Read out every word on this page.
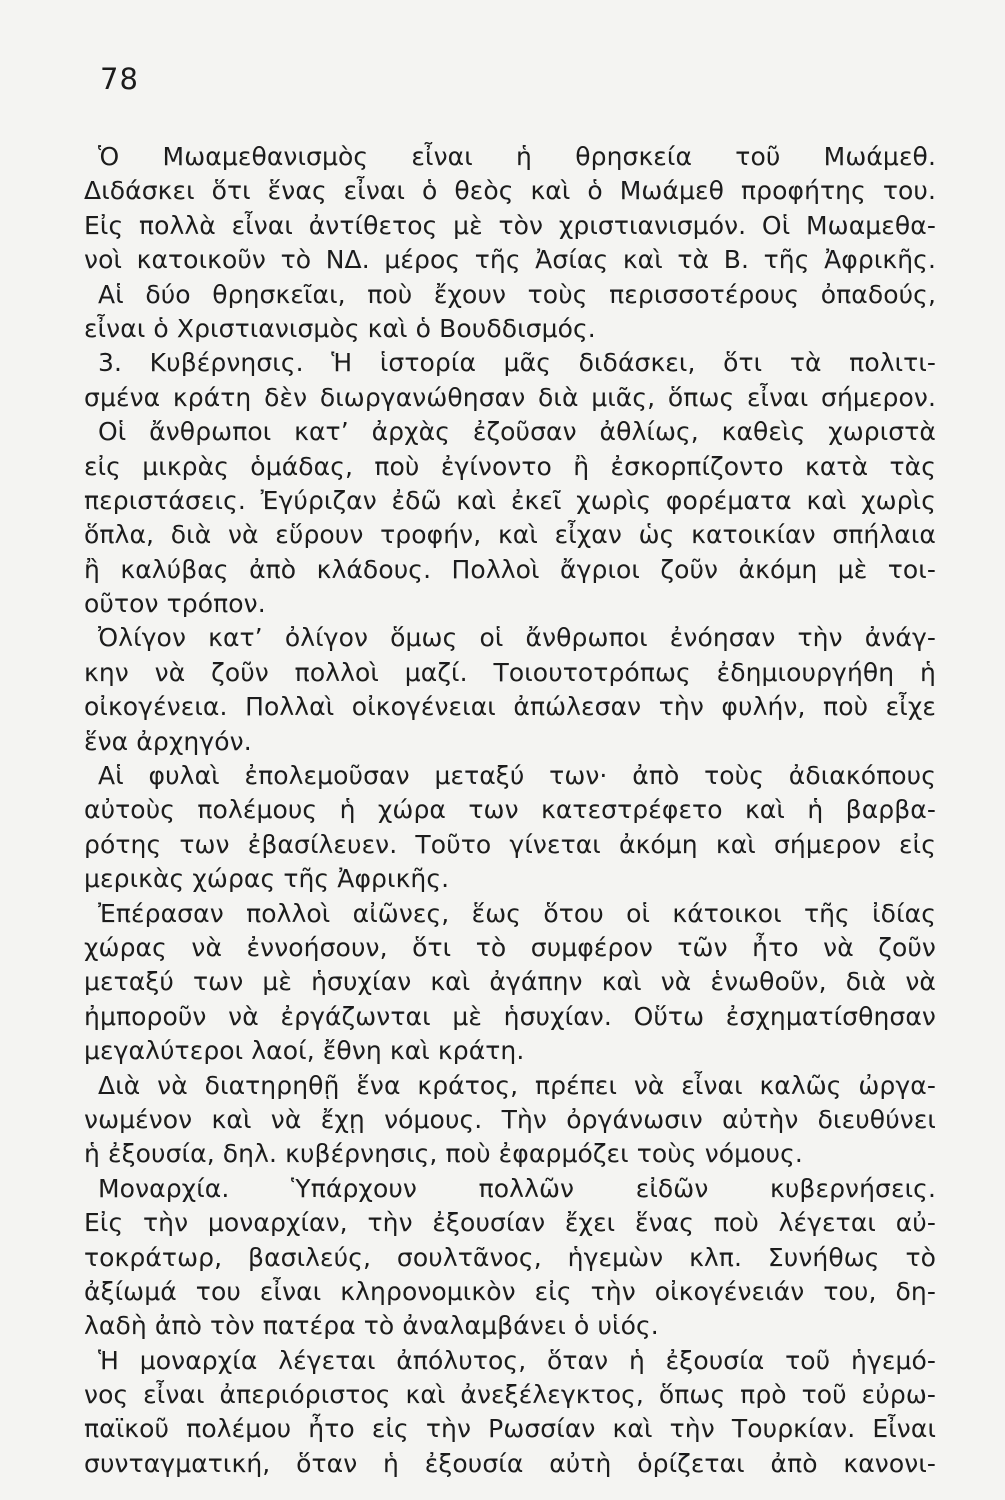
78
Ὁ Μωαμεθανισμὸς εἶναι ἡ θρησκεία τοῦ Μωάμεθ.
Διδάσκει ὅτι ἕνας εἶναι ὁ θεὸς καὶ ὁ Μωάμεθ προφήτης του.
Εἰς πολλὰ εἶναι ἀντίθετος μὲ τὸν χριστιανισμόν. Οἱ Μωαμεθα-
νοὶ κατοικοῦν τὸ ΝΔ. μέρος τῆς Ἀσίας καὶ τὰ Β. τῆς Ἀφρικῆς.
Αἱ δύο θρησκεῖαι, ποὺ ἔχουν τοὺς περισσοτέρους ὀπαδούς,
εἶναι ὁ Χριστιανισμὸς καὶ ὁ Βουδδισμός.
3. Κυβέρνησις. Ἡ ἱστορία μᾶς διδάσκει, ὅτι τὰ πολιτι-
σμένα κράτη δὲν διωργανώθησαν διὰ μιᾶς, ὅπως εἶναι σήμερον.
Οἱ ἄνθρωποι κατ’ ἀρχὰς ἐζοῦσαν ἀθλίως, καθεὶς χωριστὰ
εἰς μικρὰς ὁμάδας, ποὺ ἐγίνοντο ἢ ἐσκορπίζοντο κατὰ τὰς
περιστάσεις. Ἐγύριζαν ἐδῶ καὶ ἐκεῖ χωρὶς φορέματα καὶ χωρὶς
ὅπλα, διὰ νὰ εὕρουν τροφήν, καὶ εἶχαν ὡς κατοικίαν σπήλαια
ἢ καλύβας ἀπὸ κλάδους. Πολλοὶ ἄγριοι ζοῦν ἀκόμη μὲ τοι-
οῦτον τρόπον.
Ὀλίγον κατ’ ὀλίγον ὅμως οἱ ἄνθρωποι ἐνόησαν τὴν ἀνάγ-
κην νὰ ζοῦν πολλοὶ μαζί. Τοιουτοτρόπως ἐδημιουργήθη ἡ
οἰκογένεια. Πολλαὶ οἰκογένειαι ἀπώλεσαν τὴν φυλήν, ποὺ εἶχε
ἕνα ἀρχηγόν.
Αἱ φυλαὶ ἐπολεμοῦσαν μεταξύ των· ἀπὸ τοὺς ἀδιακόπους
αὐτοὺς πολέμους ἡ χώρα των κατεστρέφετο καὶ ἡ βαρβα-
ρότης των ἐβασίλευεν. Τοῦτο γίνεται ἀκόμη καὶ σήμερον εἰς
μερικὰς χώρας τῆς Ἀφρικῆς.
Ἐπέρασαν πολλοὶ αἰῶνες, ἕως ὅτου οἱ κάτοικοι τῆς ἰδίας
χώρας νὰ ἐννοήσουν, ὅτι τὸ συμφέρον τῶν ἦτο νὰ ζοῦν
μεταξύ των μὲ ἡσυχίαν καὶ ἀγάπην καὶ νὰ ἑνωθοῦν, διὰ νὰ
ἠμποροῦν νὰ ἐργάζωνται μὲ ἡσυχίαν. Οὕτω ἐσχηματίσθησαν
μεγαλύτεροι λαοί, ἔθνη καὶ κράτη.
Διὰ νὰ διατηρηθῇ ἕνα κράτος, πρέπει νὰ εἶναι καλῶς ὠργα-
νωμένον καὶ νὰ ἔχῃ νόμους. Τὴν ὀργάνωσιν αὐτὴν διευθύνει
ἡ ἐξουσία, δηλ. κυβέρνησις, ποὺ ἐφαρμόζει τοὺς νόμους.
Μοναρχία. Ὑπάρχουν πολλῶν εἰδῶν κυβερνήσεις.
Εἰς τὴν μοναρχίαν, τὴν ἐξουσίαν ἔχει ἕνας ποὺ λέγεται αὐ-
τοκράτωρ, βασιλεύς, σουλτᾶνος, ἡγεμὼν κλπ. Συνήθως τὸ
ἀξίωμά του εἶναι κληρονομικὸν εἰς τὴν οἰκογένειάν του, δη-
λαδὴ ἀπὸ τὸν πατέρα τὸ ἀναλαμβάνει ὁ υἱός.
Ἡ μοναρχία λέγεται ἀπόλυτος, ὅταν ἡ ἐξουσία τοῦ ἡγεμό-
νος εἶναι ἀπεριόριστος καὶ ἀνεξέλεγκτος, ὅπως πρὸ τοῦ εὐρω-
παϊκοῦ πολέμου ἦτο εἰς τὴν Ρωσσίαν καὶ τὴν Τουρκίαν. Εἶναι
συνταγματική, ὅταν ἡ ἐξουσία αὐτὴ ὁρίζεται ἀπὸ κανονι-
